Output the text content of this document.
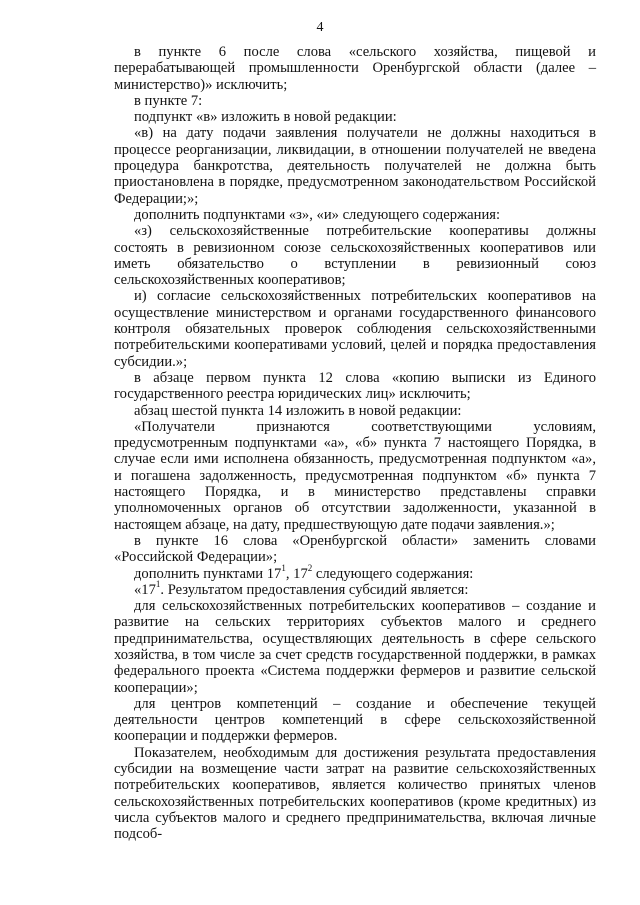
4

в пункте 6 после слова «сельского хозяйства, пищевой и перерабатывающей промышленности Оренбургской области (далее – министерство)» исключить;

в пункте 7:

подпункт «в» изложить в новой редакции:

«в) на дату подачи заявления получатели не должны находиться в процессе реорганизации, ликвидации, в отношении получателей не введена процедура банкротства, деятельность получателей не должна быть приостановлена в порядке, предусмотренном законодательством Российской Федерации;»;

дополнить подпунктами «з», «и» следующего содержания:

«з) сельскохозяйственные потребительские кооперативы должны состоять в ревизионном союзе сельскохозяйственных кооперативов или иметь обязательство о вступлении в ревизионный союз сельскохозяйственных кооперативов;

и) согласие сельскохозяйственных потребительских кооперативов на осуществление министерством и органами государственного финансового контроля обязательных проверок соблюдения сельскохозяйственными потребительскими кооперативами условий, целей и порядка предоставления субсидии.»;

в абзаце первом пункта 12 слова «копию выписки из Единого государственного реестра юридических лиц» исключить;

абзац шестой пункта 14 изложить в новой редакции:

«Получатели признаются соответствующими условиям, предусмотренным подпунктами «а», «б» пункта 7 настоящего Порядка, в случае если ими исполнена обязанность, предусмотренная подпунктом «а», и погашена задолженность, предусмотренная подпунктом «б» пункта 7 настоящего Порядка, и в министерство представлены справки уполномоченных органов об отсутствии задолженности, указанной в настоящем абзаце, на дату, предшествующую дате подачи заявления.»;

в пункте 16 слова «Оренбургской области» заменить словами «Российской Федерации»;

дополнить пунктами $17^1$, $17^2$ следующего содержания:

«$17^1$. Результатом предоставления субсидий является:

для сельскохозяйственных потребительских кооперативов – создание и развитие на сельских территориях субъектов малого и среднего предпринимательства, осуществляющих деятельность в сфере сельского хозяйства, в том числе за счет средств государственной поддержки, в рамках федерального проекта «Система поддержки фермеров и развитие сельской кооперации»;

для центров компетенций – создание и обеспечение текущей деятельности центров компетенций в сфере сельскохозяйственной кооперации и поддержки фермеров.

Показателем, необходимым для достижения результата предоставления субсидии на возмещение части затрат на развитие сельскохозяйственных потребительских кооперативов, является количество принятых членов сельскохозяйственных потребительских кооперативов (кроме кредитных) из числа субъектов малого и среднего предпринимательства, включая личные подсоб-
